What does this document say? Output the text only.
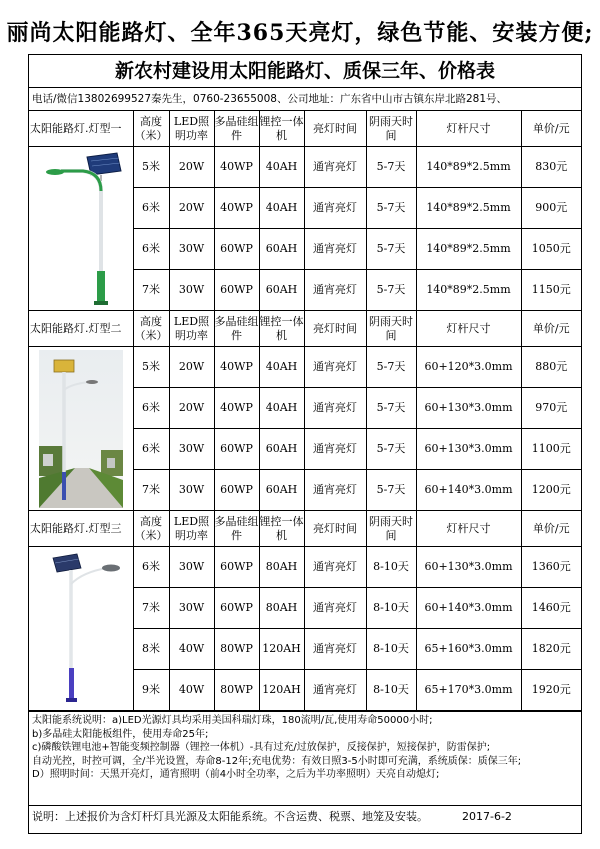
丽尚太阳能路灯、全年365天亮灯，绿色节能、安装方便;
新农村建设用太阳能路灯、质保三年、价格表
电话/微信13802699527秦先生，0760-23655008、公司地址：广东省中山市古镇东岸北路281号、
太阳能路灯.灯型一	高度（米）	LED照明功率	多晶硅组件	锂控一体机	亮灯时间	阴雨天时间	灯杆尺寸	单价/元

	5米	20W	40WP	40AH	通宵亮灯	5-7天	140*89*2.5mm	830元
	6米	20W	40WP	40AH	通宵亮灯	5-7天	140*89*2.5mm	900元
	6米	30W	60WP	60AH	通宵亮灯	5-7天	140*89*2.5mm	1050元
	7米	30W	60WP	60AH	通宵亮灯	5-7天	140*89*2.5mm	1150元
太阳能路灯.灯型二	高度（米）	LED照明功率	多晶硅组件	锂控一体机	亮灯时间	阴雨天时间	灯杆尺寸	单价/元

	5米	20W	40WP	40AH	通宵亮灯	5-7天	60+120*3.0mm	880元
	6米	20W	40WP	40AH	通宵亮灯	5-7天	60+130*3.0mm	970元
	6米	30W	60WP	60AH	通宵亮灯	5-7天	60+130*3.0mm	1100元
	7米	30W	60WP	60AH	通宵亮灯	5-7天	60+140*3.0mm	1200元
太阳能路灯.灯型三	高度（米）	LED照明功率	多晶硅组件	锂控一体机	亮灯时间	阴雨天时间	灯杆尺寸	单价/元

	6米	30W	60WP	80AH	通宵亮灯	8-10天	60+130*3.0mm	1360元
	7米	30W	60WP	80AH	通宵亮灯	8-10天	60+140*3.0mm	1460元
	8米	40W	80WP	120AH	通宵亮灯	8-10天	65+160*3.0mm	1820元
	9米	40W	80WP	120AH	通宵亮灯	8-10天	65+170*3.0mm	1920元
太阳能系统说明：a)LED光源灯具均采用美国科瑞灯珠，180流明/瓦,使用寿命50000小时;
b)多晶硅太阳能板组件，使用寿命25年;
c)磷酸铁锂电池+智能变频控制器（锂控一体机）-具有过充/过放保护，反接保护，短接保护，防雷保护;
自动光控，时控可调，全/半光设置，寿命8-12年;充电优势：有效日照3-5小时即可充满，系统质保：质保三年;
D）照明时间：天黑开亮灯，通宵照明（前4小时全功率，之后为半功率照明）天亮自动熄灯;
说明：上述报价为含灯杆灯具光源及太阳能系统。不含运费、税票、地笼及安装。	2017-6-2
